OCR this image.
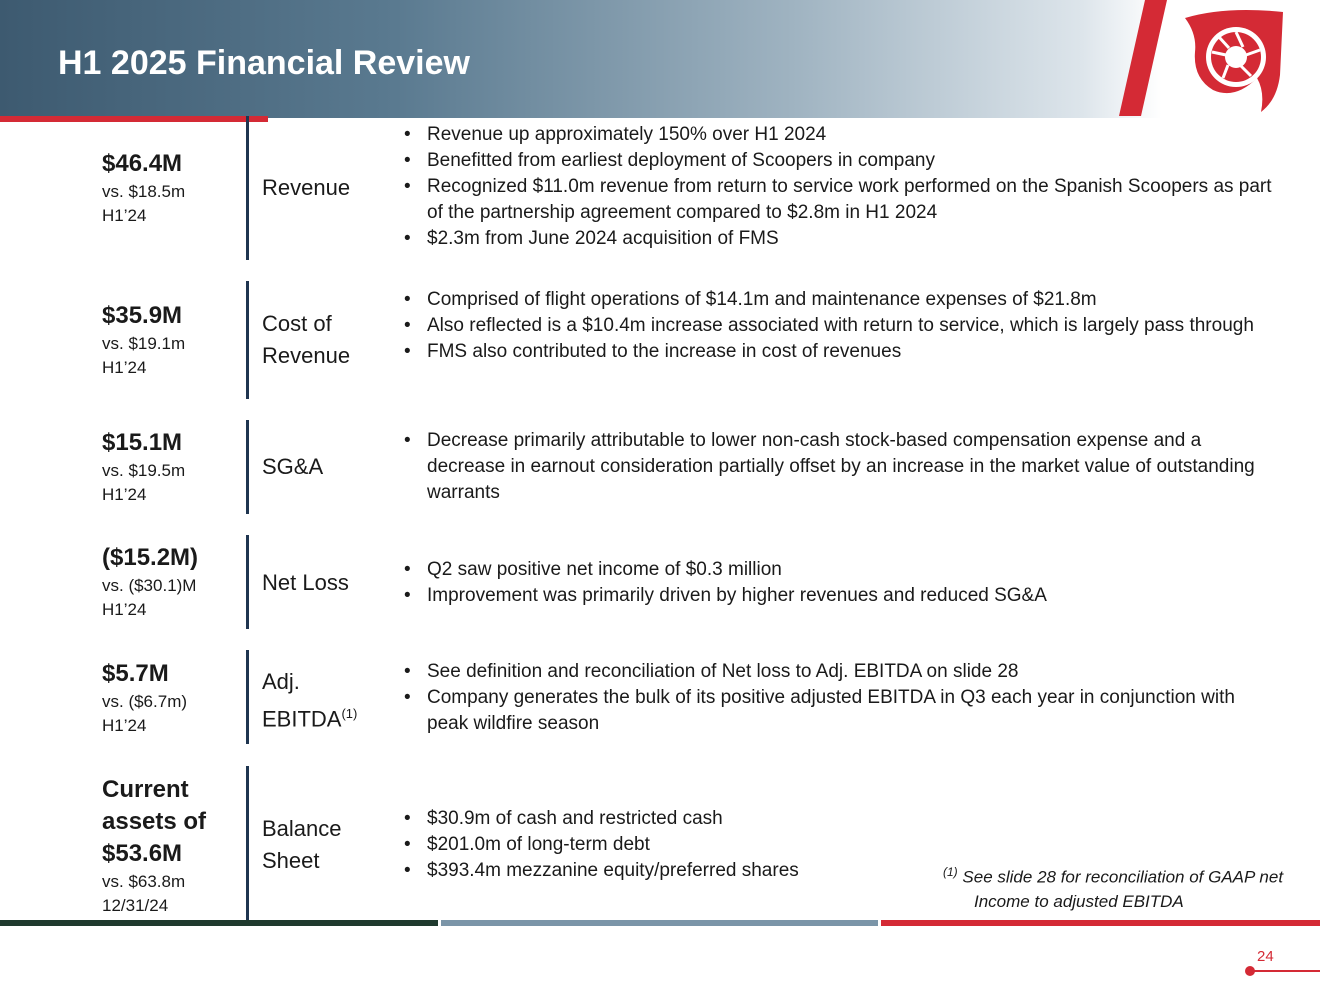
H1 2025 Financial Review
$46.4M
vs. $18.5m
H1’24
Revenue
• Revenue up approximately 150% over H1 2024
• Benefitted from earliest deployment of Scoopers in company
• Recognized $11.0m revenue from return to service work performed on the Spanish Scoopers as part of the partnership agreement compared to $2.8m in H1 2024
• $2.3m from June 2024 acquisition of FMS
$35.9M
vs. $19.1m
H1’24
Cost of
Revenue
• Comprised of flight operations of $14.1m and maintenance expenses of $21.8m
• Also reflected is a $10.4m increase associated with return to service, which is largely pass through
• FMS also contributed to the increase in cost of revenues
$15.1M
vs. $19.5m
H1’24
SG&A
• Decrease primarily attributable to lower non-cash stock-based compensation expense and a decrease in earnout consideration partially offset by an increase in the market value of outstanding warrants
($15.2M)
vs. ($30.1)M
H1’24
Net Loss
• Q2 saw positive net income of $0.3 million
• Improvement was primarily driven by higher revenues and reduced SG&A
$5.7M
vs. ($6.7m)
H1’24
Adj.
EBITDA$^{(1)}$
• See definition and reconciliation of Net loss to Adj. EBITDA on slide 28
• Company generates the bulk of its positive adjusted EBITDA in Q3 each year in conjunction with peak wildfire season
Current
assets of
$53.6M
vs. $63.8m
12/31/24
Balance
Sheet
• $30.9m of cash and restricted cash
• $201.0m of long-term debt
• $393.4m mezzanine equity/preferred shares	$^{(1)}$ See slide 28 for reconciliation of GAAP net
Income to adjusted EBITDA
24
